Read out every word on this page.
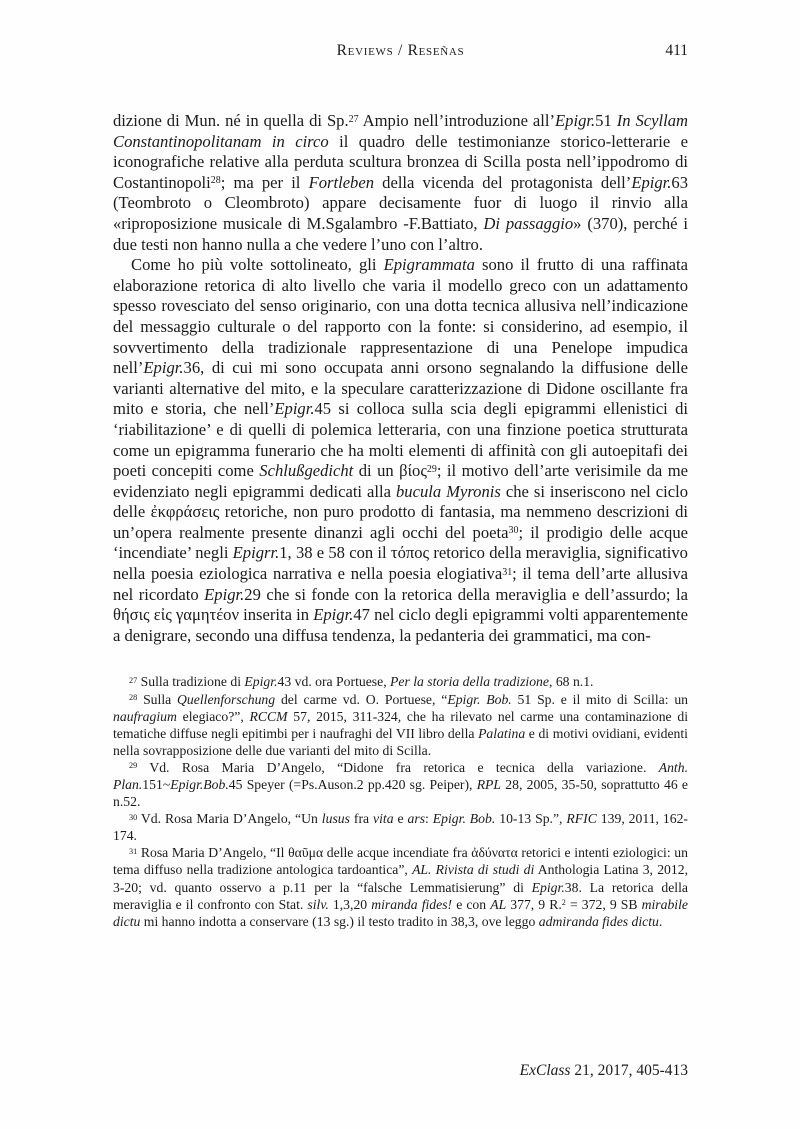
Reviews / Reseñas	411

dizione di Mun. né in quella di Sp.$^{27}$ Ampio nell’introduzione all’Epigr.51 In Scyllam Constantinopolitanam in circo il quadro delle testimonianze storico-letterarie e iconografiche relative alla perduta scultura bronzea di Scilla posta nell’ippodromo di Costantinopoli$^{28}$; ma per il Fortleben della vicenda del protagonista dell’Epigr.63 (Teombroto o Cleombroto) appare decisamente fuor di luogo il rinvio alla «riproposizione musicale di M.Sgalambro -F.Battiato, Di passaggio» (370), perché i due testi non hanno nulla a che vedere l’uno con l’altro.

Come ho più volte sottolineato, gli Epigrammata sono il frutto di una raffinata elaborazione retorica di alto livello che varia il modello greco con un adattamento spesso rovesciato del senso originario, con una dotta tecnica allusiva nell’indicazione del messaggio culturale o del rapporto con la fonte: si considerino, ad esempio, il sovvertimento della tradizionale rappresentazione di una Penelope impudica nell’Epigr.36, di cui mi sono occupata anni orsono segnalando la diffusione delle varianti alternative del mito, e la speculare caratterizzazione di Didone oscillante fra mito e storia, che nell’Epigr.45 si colloca sulla scia degli epigrammi ellenistici di ‘riabilitazione’ e di quelli di polemica letteraria, con una finzione poetica strutturata come un epigramma funerario che ha molti elementi di affinità con gli autoepitafi dei poeti concepiti come Schlußgedicht di un βίος$^{29}$; il motivo dell’arte verisimile da me evidenziato negli epigrammi dedicati alla bucula Myronis che si inseriscono nel ciclo delle ἐκφράσεις retoriche, non puro prodotto di fantasia, ma nemmeno descrizioni di un’opera realmente presente dinanzi agli occhi del poeta$^{30}$; il prodigio delle acque ‘incendiate’ negli Epigrr.1, 38 e 58 con il τόπος retorico della meraviglia, significativo nella poesia eziologica narrativa e nella poesia elogiativa$^{31}$; il tema dell’arte allusiva nel ricordato Epigr.29 che si fonde con la retorica della meraviglia e dell’assurdo; la θήσις εἰς γαμητέον inserita in Epigr.47 nel ciclo degli epigrammi volti apparentemente a denigrare, secondo una diffusa tendenza, la pedanteria dei grammatici, ma con-

$^{27}$ Sulla tradizione di Epigr.43 vd. ora Portuese, Per la storia della tradizione, 68 n.1.

$^{28}$ Sulla Quellenforschung del carme vd. O. Portuese, “Epigr. Bob. 51 Sp. e il mito di Scilla: un naufragium elegiaco?”, RCCM 57, 2015, 311-324, che ha rilevato nel carme una contaminazione di tematiche diffuse negli epitimbi per i naufraghi del VII libro della Palatina e di motivi ovidiani, evidenti nella sovrapposizione delle due varianti del mito di Scilla.

$^{29}$ Vd. Rosa Maria D’Angelo, “Didone fra retorica e tecnica della variazione. Anth. Plan.151~Epigr.Bob.45 Speyer (=Ps.Auson.2 pp.420 sg. Peiper), RPL 28, 2005, 35-50, soprattutto 46 e n.52.

$^{30}$ Vd. Rosa Maria D’Angelo, “Un lusus fra vita e ars: Epigr. Bob. 10-13 Sp.”, RFIC 139, 2011, 162-174.

$^{31}$ Rosa Maria D’Angelo, “Il θαῦμα delle acque incendiate fra ἀδύνατα retorici e intenti eziologici: un tema diffuso nella tradizione antologica tardoantica”, AL. Rivista di studi di Anthologia Latina 3, 2012, 3-20; vd. quanto osservo a p.11 per la “falsche Lemmatisierung” di Epigr.38. La retorica della meraviglia e il confronto con Stat. silv. 1,3,20 miranda fides! e con AL 377, 9 R.$^2$ = 372, 9 SB mirabile dictu mi hanno indotta a conservare (13 sg.) il testo tradito in 38,3, ove leggo admiranda fides dictu.

ExClass 21, 2017, 405-413
